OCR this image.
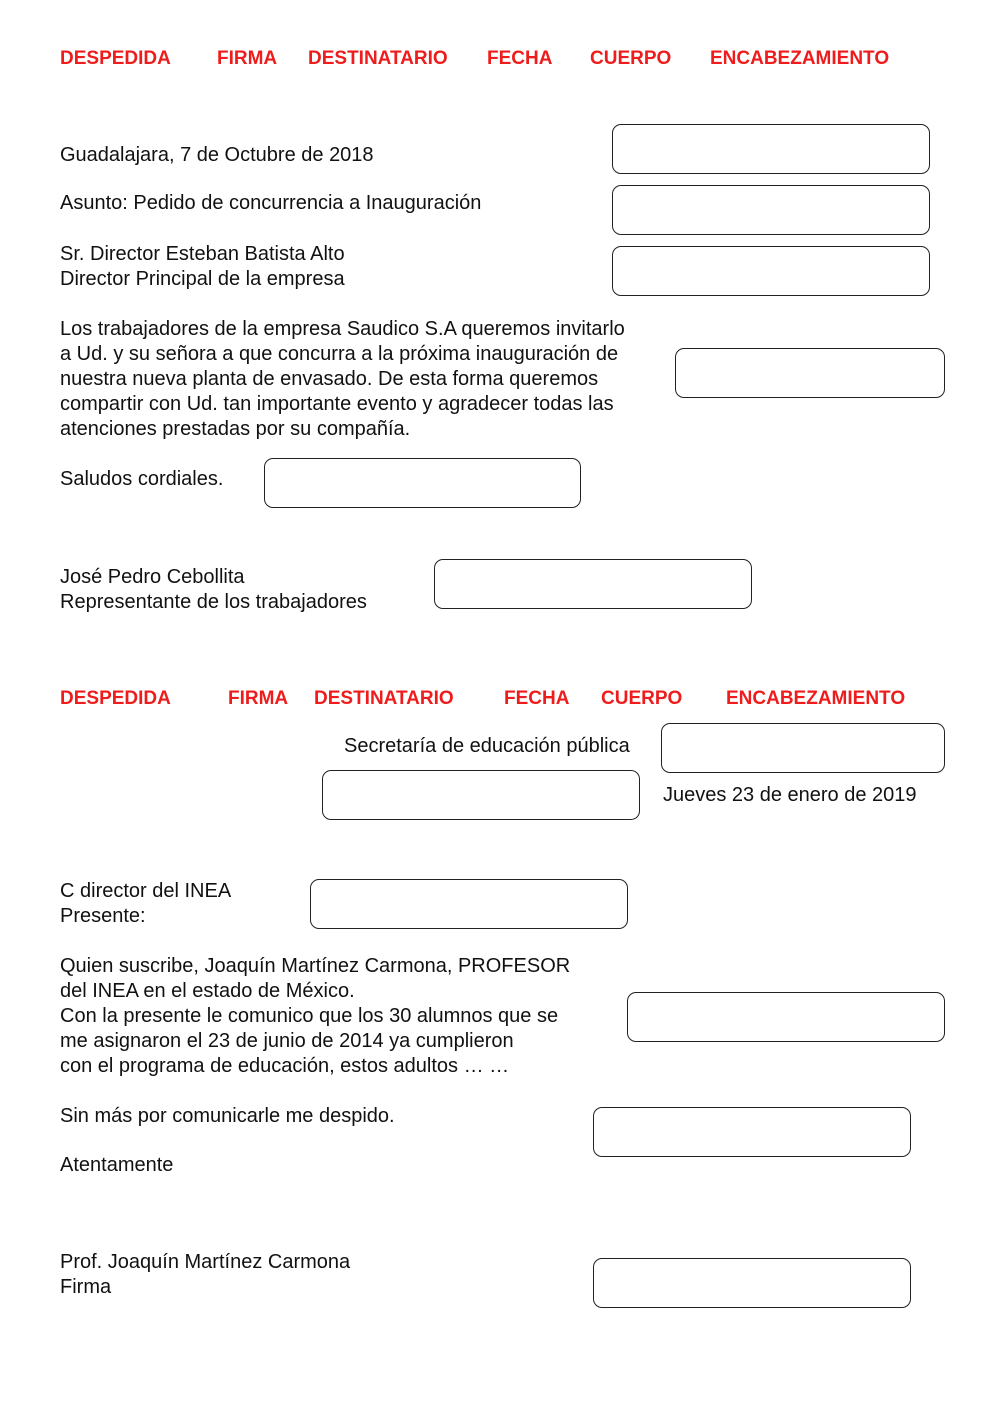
DESPEDIDA FIRMA DESTINATARIO FECHA CUERPO ENCABEZAMIENTO
Guadalajara, 7 de Octubre de 2018
Asunto: Pedido de concurrencia a Inauguración
Sr. Director Esteban Batista Alto
Director Principal de la empresa
Los trabajadores de la empresa Saudico S.A queremos invitarlo
a Ud. y su señora a que concurra a la próxima inauguración de
nuestra nueva planta de envasado. De esta forma queremos
compartir con Ud. tan importante evento y agradecer todas las
atenciones prestadas por su compañía.
Saludos cordiales.
José Pedro Cebollita
Representante de los trabajadores
DESPEDIDA	FIRMA DESTINATARIO	FECHA CUERPO ENCABEZAMIENTO
Secretaría de educación pública
Jueves 23 de enero de 2019
C director del INEA
Presente:
Quien suscribe, Joaquín Martínez Carmona, PROFESOR
del INEA en el estado de México.
Con la presente le comunico que los 30 alumnos que se
me asignaron el 23 de junio de 2014 ya cumplieron
con el programa de educación, estos adultos … …
Sin más por comunicarle me despido.
Atentamente
Prof. Joaquín Martínez Carmona
Firma
